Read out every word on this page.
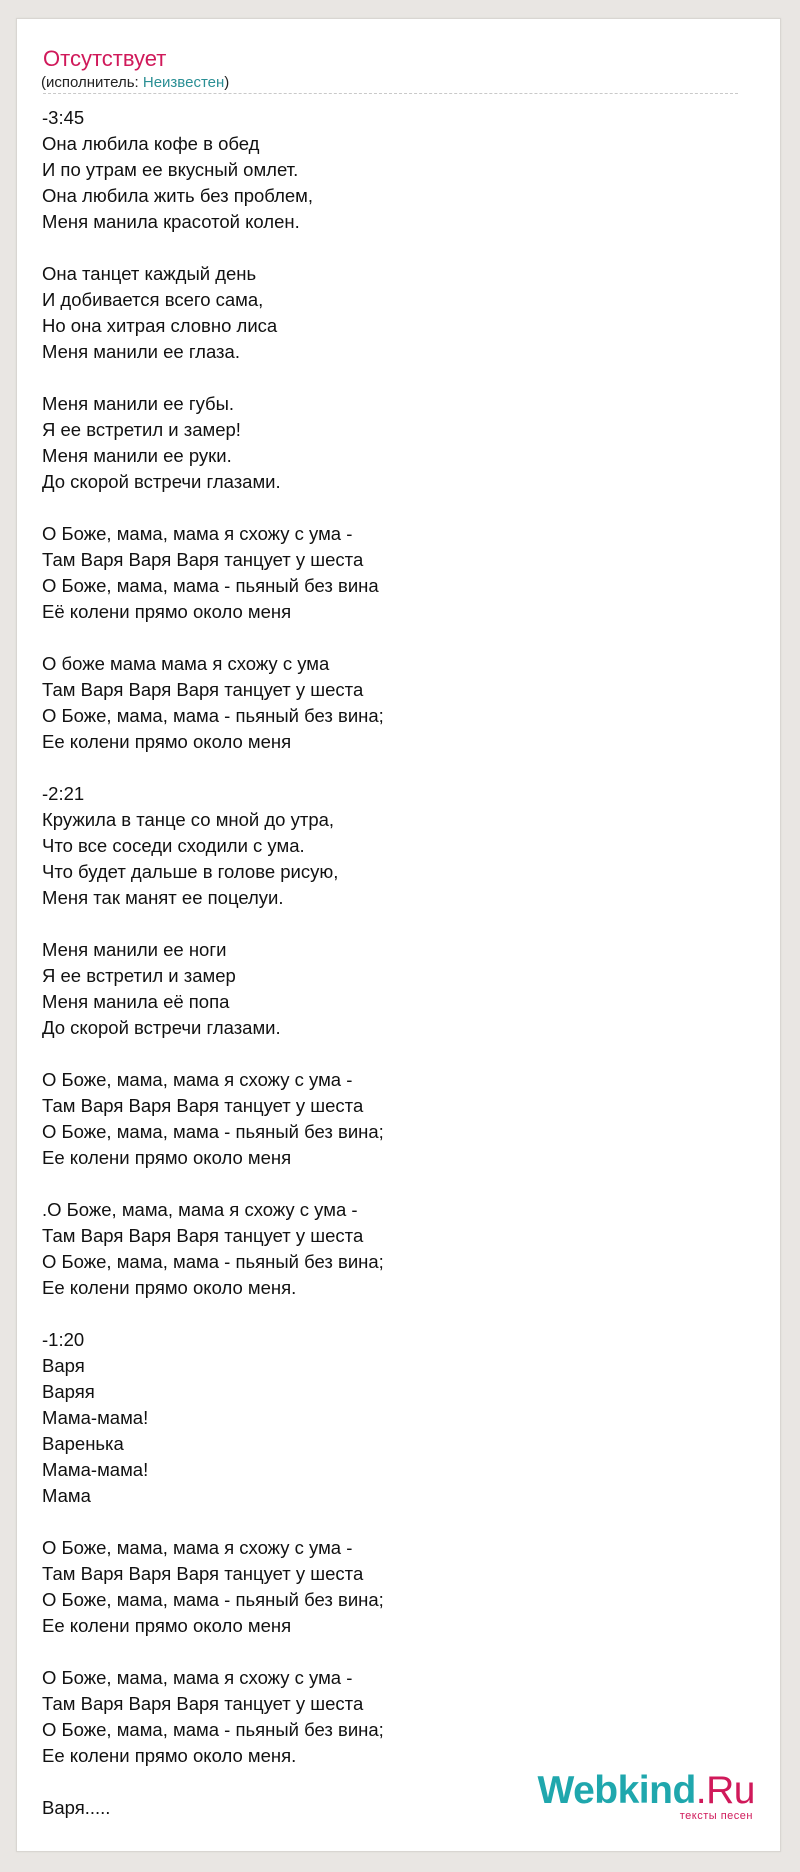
Отсутствует
(исполнитель: Неизвестен)
-3:45
Она любила кофе в обед
И по утрам ее вкусный омлет.
Она любила жить без проблем,
Меня манила красотой колен.
Она танцет каждый день
И добивается всего сама,
Но она хитрая словно лиса
Меня манили ее глаза.
Меня манили ее губы.
Я ее встретил и замер!
Меня манили ее руки.
До скорой встречи глазами.
О Боже, мама, мама я схожу с ума -
Там Варя Варя Варя танцует у шеста
О Боже, мама, мама - пьяный без вина
Её колени прямо около меня
О боже мама мама я схожу с ума
Там Варя Варя Варя танцует у шеста
О Боже, мама, мама - пьяный без вина;
Ее колени прямо около меня
-2:21
Кружила в танце со мной до утра,
Что все соседи сходили с ума.
Что будет дальше в голове рисую,
Меня так манят ее поцелуи.
Меня манили ее ноги
Я ее встретил и замер
Меня манила её попа
До скорой встречи глазами.
О Боже, мама, мама я схожу с ума -
Там Варя Варя Варя танцует у шеста
О Боже, мама, мама - пьяный без вина;
Ее колени прямо около меня
.О Боже, мама, мама я схожу с ума -
Там Варя Варя Варя танцует у шеста
О Боже, мама, мама - пьяный без вина;
Ее колени прямо около меня.
-1:20
Варя
Варяя
Мама-мама!
Варенька
Мама-мама!
Мама
О Боже, мама, мама я схожу с ума -
Там Варя Варя Варя танцует у шеста
О Боже, мама, мама - пьяный без вина;
Ее колени прямо около меня
О Боже, мама, мама я схожу с ума -
Там Варя Варя Варя танцует у шеста
О Боже, мама, мама - пьяный без вина;
Ее колени прямо около меня.
Варя.....	Webkind.Ru
тексты песен
